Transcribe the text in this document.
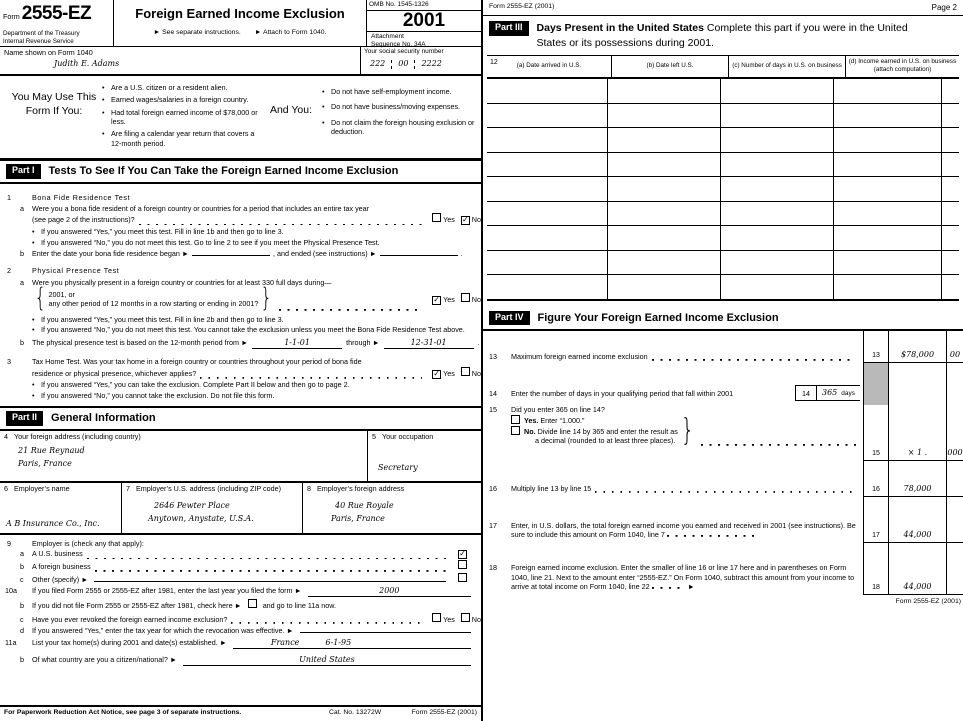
Form 2555-EZ
Department of the Treasury
Internal Revenue Service
Foreign Earned Income Exclusion
► See separate instructions. ► Attach to Form 1040.
OMB No. 1545-1326
2001
Attachment
Sequence No. 34A
Name shown on Form 1040
Judith E. Adams
Your social security number
222 00 2222
You May Use This Form If You:
• Are a U.S. citizen or a resident alien.
• Earned wages/salaries in a foreign country.
• Had total foreign earned income of $78,000 or less.
• Are filing a calendar year return that covers a 12-month period.
And You:
• Do not have self-employment income.
• Do not have business/moving expenses.
• Do not claim the foreign housing exclusion or deduction.
Part I	Tests To See If You Can Take the Foreign Earned Income Exclusion
1	Bona Fide Residence Test
a	Were you a bona fide resident of a foreign country or countries for a period that includes an entire tax year
(see page 2 of the instructions)?	Yes ✓ No
• If you answered “Yes,” you meet this test. Fill in line 1b and then go to line 3.
• If you answered “No,” you do not meet this test. Go to line 2 to see if you meet the Physical Presence Test.
b	Enter the date your bona fide residence began ►	, and ended (see instructions) ►	.
2	Physical Presence Test
a	Were you physically present in a foreign country or countries for at least 330 full days during—
{ 2001, or
any other period of 12 months in a row starting or ending in 2001? }	✓ Yes No
• If you answered “Yes,” you meet this test. Fill in line 2b and then go to line 3.
• If you answered “No,” you do not meet this test. You cannot take the exclusion unless you meet the Bona Fide Residence Test above.
b	The physical presence test is based on the 12-month period from ►	1-1-01	through ►	12-31-01	.
3	Tax Home Test. Was your tax home in a foreign country or countries throughout your period of bona fide
residence or physical presence, whichever applies?	✓ Yes No
• If you answered “Yes,” you can take the exclusion. Complete Part II below and then go to page 2.
• If you answered “No,” you cannot take the exclusion. Do not file this form.
Part II	General Information
4 Your foreign address (including country)
21 Rue Reynaud
Paris, France
5 Your occupation
Secretary
6 Employer’s name
A B Insurance Co., Inc.
7 Employer’s U.S. address (including ZIP code)
2646 Pewter Place
Anytown, Anystate, U.S.A.
8 Employer’s foreign address
40 Rue Royale
Paris, France
9	Employer is (check any that apply):
a	A U.S. business	✓
b	A foreign business
c	Other (specify) ►
10a	If you filed Form 2555 or 2555-EZ after 1981, enter the last year you filed the form ►	2000
b	If you did not file Form 2555 or 2555-EZ after 1981, check here ►	and go to line 11a now.
c	Have you ever revoked the foreign earned income exclusion?	Yes No
d	If you answered “Yes,” enter the tax year for which the revocation was effective. ►
11a	List your tax home(s) during 2001 and date(s) established. ►	France	6-1-95
b	Of what country are you a citizen/national? ►	United States
For Paperwork Reduction Act Notice, see page 3 of separate instructions.	Cat. No. 13272W	Form 2555-EZ (2001)
Form 2555-EZ (2001)	Page 2
Part III	Days Present in the United States Complete this part if you were in the United States or its possessions during 2001.
12	(a) Date arrived in U.S.	(b) Date left U.S.	(c) Number of days in U.S. on business
(d) Income earned in U.S. on business (attach computation)
Part IV	Figure Your Foreign Earned Income Exclusion
13	Maximum foreign earned income exclusion	13	$78,000	00
14	Enter the number of days in your qualifying period that fall within 2001	14	365 days
15	Did you enter 365 on line 14?
Yes. Enter “1.000.”
No. Divide line 14 by 365 and enter the result as
a decimal (rounded to at least three places). }
15	× 1 .	000
16	Multiply line 13 by line 15	16	78,000
17	Enter, in U.S. dollars, the total foreign earned income you earned and received in 2001 (see instructions). Be sure to include this amount on Form 1040, line 7	17	44,000
18	Foreign earned income exclusion. Enter the smaller of line 16 or line 17 here and in parentheses on Form 1040, line 21. Next to the amount enter “2555-EZ.” On Form 1040, subtract this amount from your income to arrive at total income on Form 1040, line 22	►	18	44,000
Form 2555-EZ (2001)
